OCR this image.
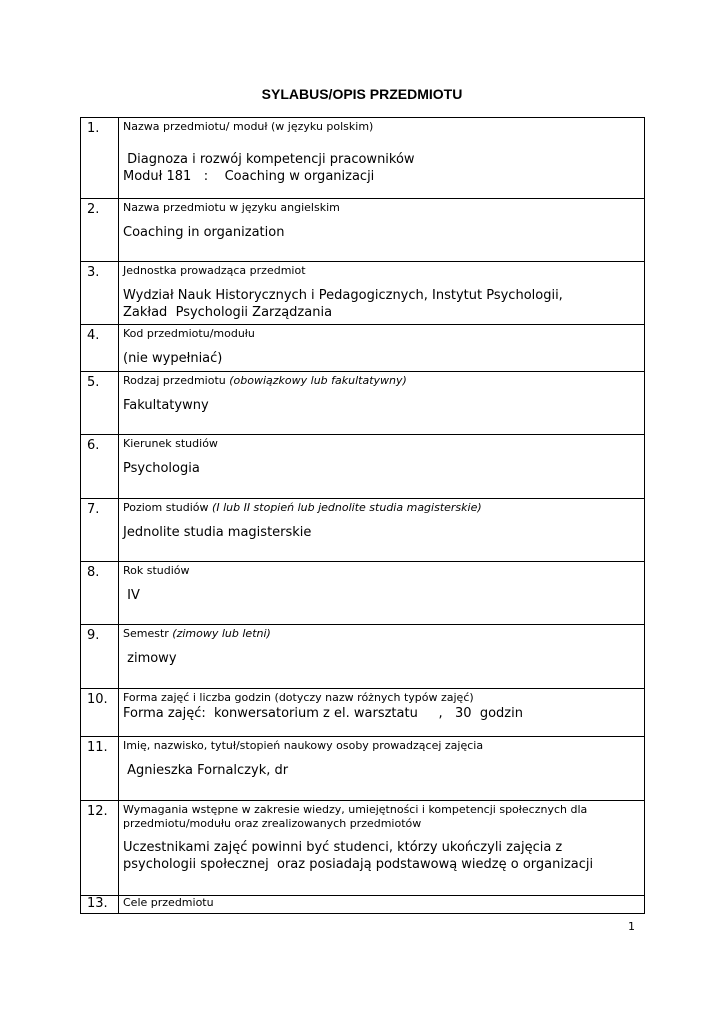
SYLABUS/OPIS PRZEDMIOTU
1.	Nazwa przedmiotu/ moduł (w języku polskim)
Diagnoza i rozwój kompetencji pracowników
Moduł 181   :    Coaching w organizacji

2.	Nazwa przedmiotu w języku angielskim
Coaching in organization

3.	Jednostka prowadząca przedmiot
Wydział Nauk Historycznych i Pedagogicznych, Instytut Psychologii,
Zakład  Psychologii Zarządzania

4.	Kod przedmiotu/modułu
(nie wypełniać)

5.	Rodzaj przedmiotu (obowiązkowy lub fakultatywny)
Fakultatywny

6.	Kierunek studiów
Psychologia

7.	Poziom studiów (I lub II stopień lub jednolite studia magisterskie)
Jednolite studia magisterskie

8.	Rok studiów
IV

9.	Semestr (zimowy lub letni)
zimowy

10.	Forma zajęć i liczba godzin (dotyczy nazw różnych typów zajęć)
Forma zajęć:  konwersatorium z el. warsztatu     ,   30  godzin

11.	Imię, nazwisko, tytuł/stopień naukowy osoby prowadzącej zajęcia
Agnieszka Fornalczyk, dr

12.	Wymagania wstępne w zakresie wiedzy, umiejętności i kompetencji społecznych dla przedmiotu/modułu oraz zrealizowanych przedmiotów
Uczestnikami zajęć powinni być studenci, którzy ukończyli zajęcia z
psychologii społecznej  oraz posiadają podstawową wiedzę o organizacji

13.	Cele przedmiotu
1
